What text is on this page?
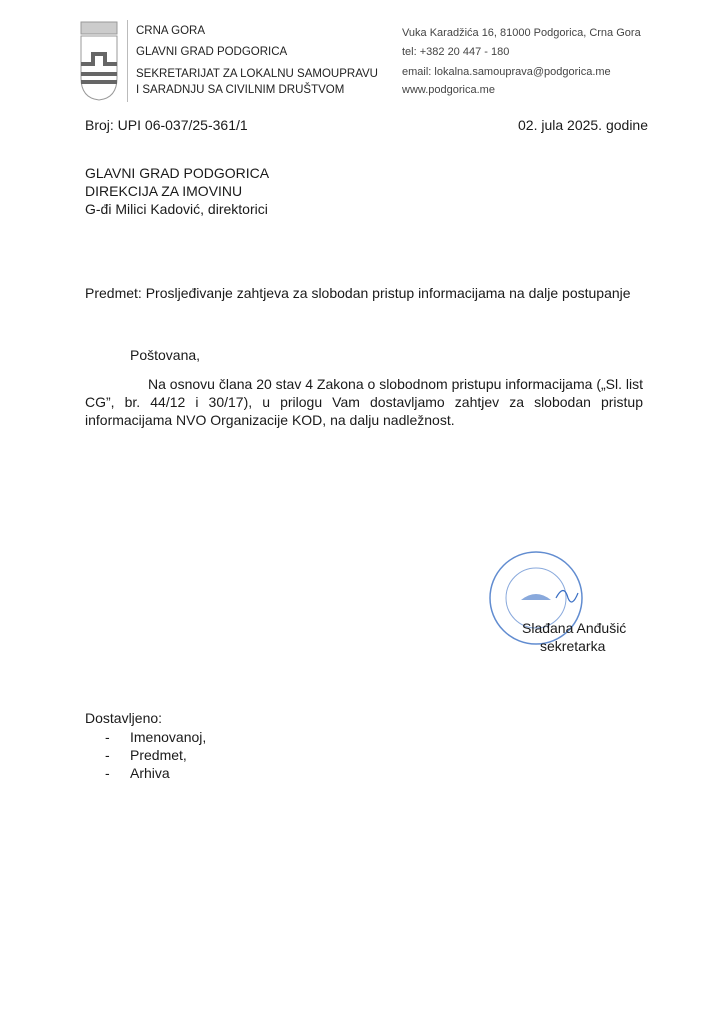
CRNA GORA
GLAVNI GRAD PODGORICA
SEKRETARIJAT ZA LOKALNU SAMOUPRAVU
I SARADNJU SA CIVILNIM DRUŠTVOM
Vuka Karadžića 16, 81000 Podgorica, Crna Gora
tel: +382 20 447 - 180
email: lokalna.samouprava@podgorica.me
www.podgorica.me
Broj: UPI 06-037/25-361/1	02. jula 2025. godine
GLAVNI GRAD PODGORICA
DIREKCIJA ZA IMOVINU
G-đi Milici Kadović, direktorici
Predmet: Prosljeđivanje zahtjeva za slobodan pristup informacijama na dalje postupanje
Poštovana,
Na osnovu člana 20 stav 4 Zakona o slobodnom pristupu informacijama („Sl. list CG”, br. 44/12 i 30/17), u prilogu Vam dostavljamo zahtjev za slobodan pristup informacijama NVO Organizacije KOD, na dalju nadležnost.
Slađana Anđušić
sekretarka
Dostavljeno:
- Imenovanoj,
- Predmet,
- Arhiva
